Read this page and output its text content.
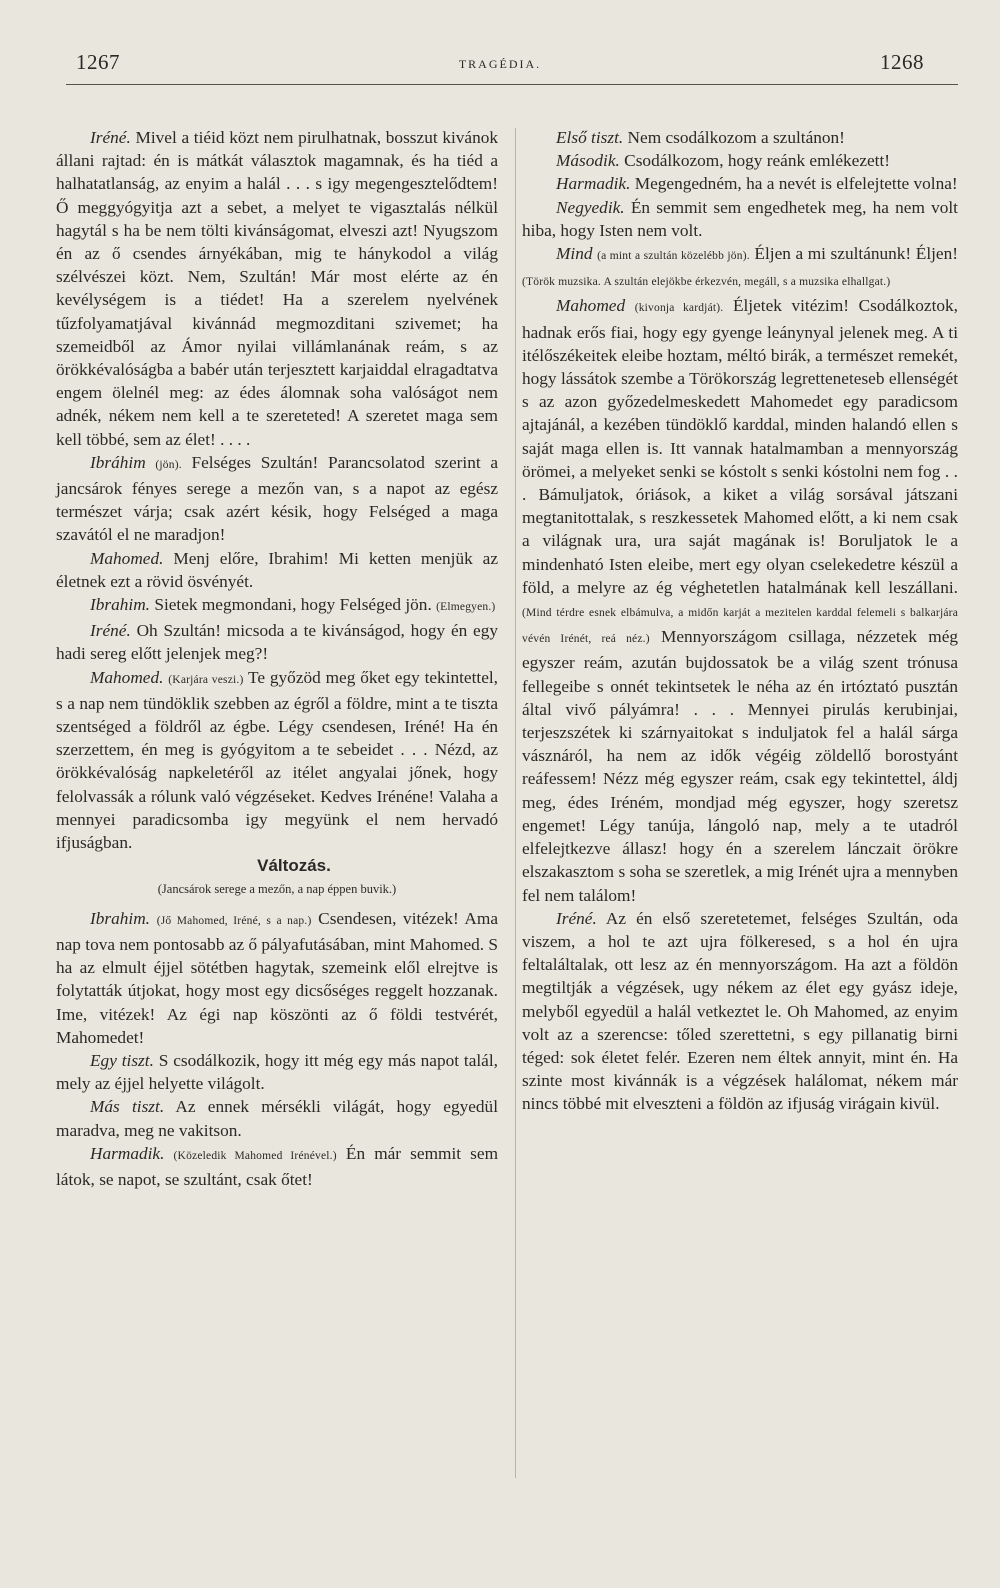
1267	TRAGÉDIA.	1268

Iréné. Mivel a tiéid közt nem pirulhatnak, bosszut kivánok állani rajtad: én is mátkát választok magamnak, és ha tiéd a halhatatlanság, az enyim a halál . . . s igy megengesztelődtem! Ő meggyógyitja azt a sebet, a melyet te vigasztalás nélkül hagytál s ha be nem tölti kivánságomat, elveszi azt! Nyugszom én az ő csendes árnyékában, mig te hánykodol a világ szélvészei közt. Nem, Szultán! Már most elérte az én kevélységem is a tiédet! Ha a szerelem nyelvének tűzfolyamatjával kivánnád megmozditani szivemet; ha szemeidből az Ámor nyilai villámlanának reám, s az örökkévalóságba a babér után terjesztett karjaiddal elragadtatva engem ölelnél meg: az édes álomnak soha valóságot nem adnék, nékem nem kell a te szereteted! A szeretet maga sem kell többé, sem az élet! . . . .

Ibráhim (jön). Felséges Szultán! Parancsolatod szerint a jancsárok fényes serege a mezőn van, s a napot az egész természet várja; csak azért késik, hogy Felséged a maga szavától el ne maradjon!

Mahomed. Menj előre, Ibrahim! Mi ketten menjük az életnek ezt a rövid ösvényét.

Ibrahim. Sietek megmondani, hogy Felséged jön. (Elmegyen.)

Iréné. Oh Szultán! micsoda a te kivánságod, hogy én egy hadi sereg előtt jelenjek meg?!

Mahomed. (Karjára veszi.) Te győzöd meg őket egy tekintettel, s a nap nem tündöklik szebben az égről a földre, mint a te tiszta szentséged a földről az égbe. Légy csendesen, Iréné! Ha én szerzettem, én meg is gyógyitom a te sebeidet . . . Nézd, az örökkévalóság napkeletéről az itélet angyalai jőnek, hogy felolvassák a rólunk való végzéseket. Kedves Irénéne! Valaha a mennyei paradicsomba igy megyünk el nem hervadó ifjuságban.

Változás.

(Jancsárok serege a mezőn, a nap éppen buvik.)

Ibrahim. (Jő Mahomed, Iréné, s a nap.) Csendesen, vitézek! Ama nap tova nem pontosabb az ő pályafutásában, mint Mahomed. S ha az elmult éjjel sötétben hagytak, szemeink elől elrejtve is folytatták útjokat, hogy most egy dicsőséges reggelt hozzanak. Ime, vitézek! Az égi nap köszönti az ő földi testvérét, Mahomedet!

Egy tiszt. S csodálkozik, hogy itt még egy más napot talál, mely az éjjel helyette világolt.

Más tiszt. Az ennek mérsékli világát, hogy egyedül maradva, meg ne vakitson.

Harmadik. (Közeledik Mahomed Irénével.) Én már semmit sem látok, se napot, se szultánt, csak őtet!

Első tiszt. Nem csodálkozom a szultánon!

Második. Csodálkozom, hogy reánk emlékezett!

Harmadik. Megengedném, ha a nevét is elfelejtette volna!

Negyedik. Én semmit sem engedhetek meg, ha nem volt hiba, hogy Isten nem volt.

Mind (a mint a szultán közelébb jön). Éljen a mi szultánunk! Éljen! (Török muzsika. A szultán elejökbe érkezvén, megáll, s a muzsika elhallgat.)

Mahomed (kivonja kardját). Éljetek vitézim! Csodálkoztok, hadnak erős fiai, hogy egy gyenge leánynyal jelenek meg. A ti itélőszékeitek eleibe hoztam, méltó birák, a természet remekét, hogy lássátok szembe a Törökország legretteneteseb ellenségét s az azon győzedelmeskedett Mahomedet egy paradicsom ajtajánál, a kezében tündöklő karddal, minden halandó ellen s saját maga ellen is. Itt vannak hatalmamban a mennyország örömei, a melyeket senki se kóstolt s senki kóstolni nem fog . . . Bámuljatok, óriások, a kiket a világ sorsával játszani megtanitottalak, s reszkessetek Mahomed előtt, a ki nem csak a világnak ura, ura saját magának is! Boruljatok le a mindenható Isten eleibe, mert egy olyan cselekedetre készül a föld, a melyre az ég véghetetlen hatalmának kell leszállani. (Mind térdre esnek elbámulva, a midőn karját a mezitelen karddal felemeli s balkarjára vévén Irénét, reá néz.) Mennyországom csillaga, nézzetek még egyszer reám, azután bujdossatok be a világ szent trónusa fellegeibe s onnét tekintsetek le néha az én irtóztató pusztán által vivő pályámra! . . . Mennyei pirulás kerubinjai, terjeszszétek ki szárnyaitokat s induljatok fel a halál sárga vásznáról, ha nem az idők végéig zöldellő borostyánt reáfessem! Nézz még egyszer reám, csak egy tekintettel, áldj meg, édes Iréném, mondjad még egyszer, hogy szeretsz engemet! Légy tanúja, lángoló nap, mely a te utadról elfelejtkezve állasz! hogy én a szerelem lánczait örökre elszakasztom s soha se szeretlek, a mig Irénét ujra a mennyben fel nem találom!

Iréné. Az én első szeretetemet, felséges Szultán, oda viszem, a hol te azt ujra fölkeresed, s a hol én ujra feltaláltalak, ott lesz az én mennyországom. Ha azt a földön megtiltják a végzések, ugy nékem az élet egy gyász ideje, melyből egyedül a halál vetkeztet le. Oh Mahomed, az enyim volt az a szerencse: tőled szerettetni, s egy pillanatig birni téged: sok életet felér. Ezeren nem éltek annyit, mint én. Ha szinte most kivánnák is a végzések halálomat, nékem már nincs többé mit elveszteni a földön az ifjuság virágain kivül.
